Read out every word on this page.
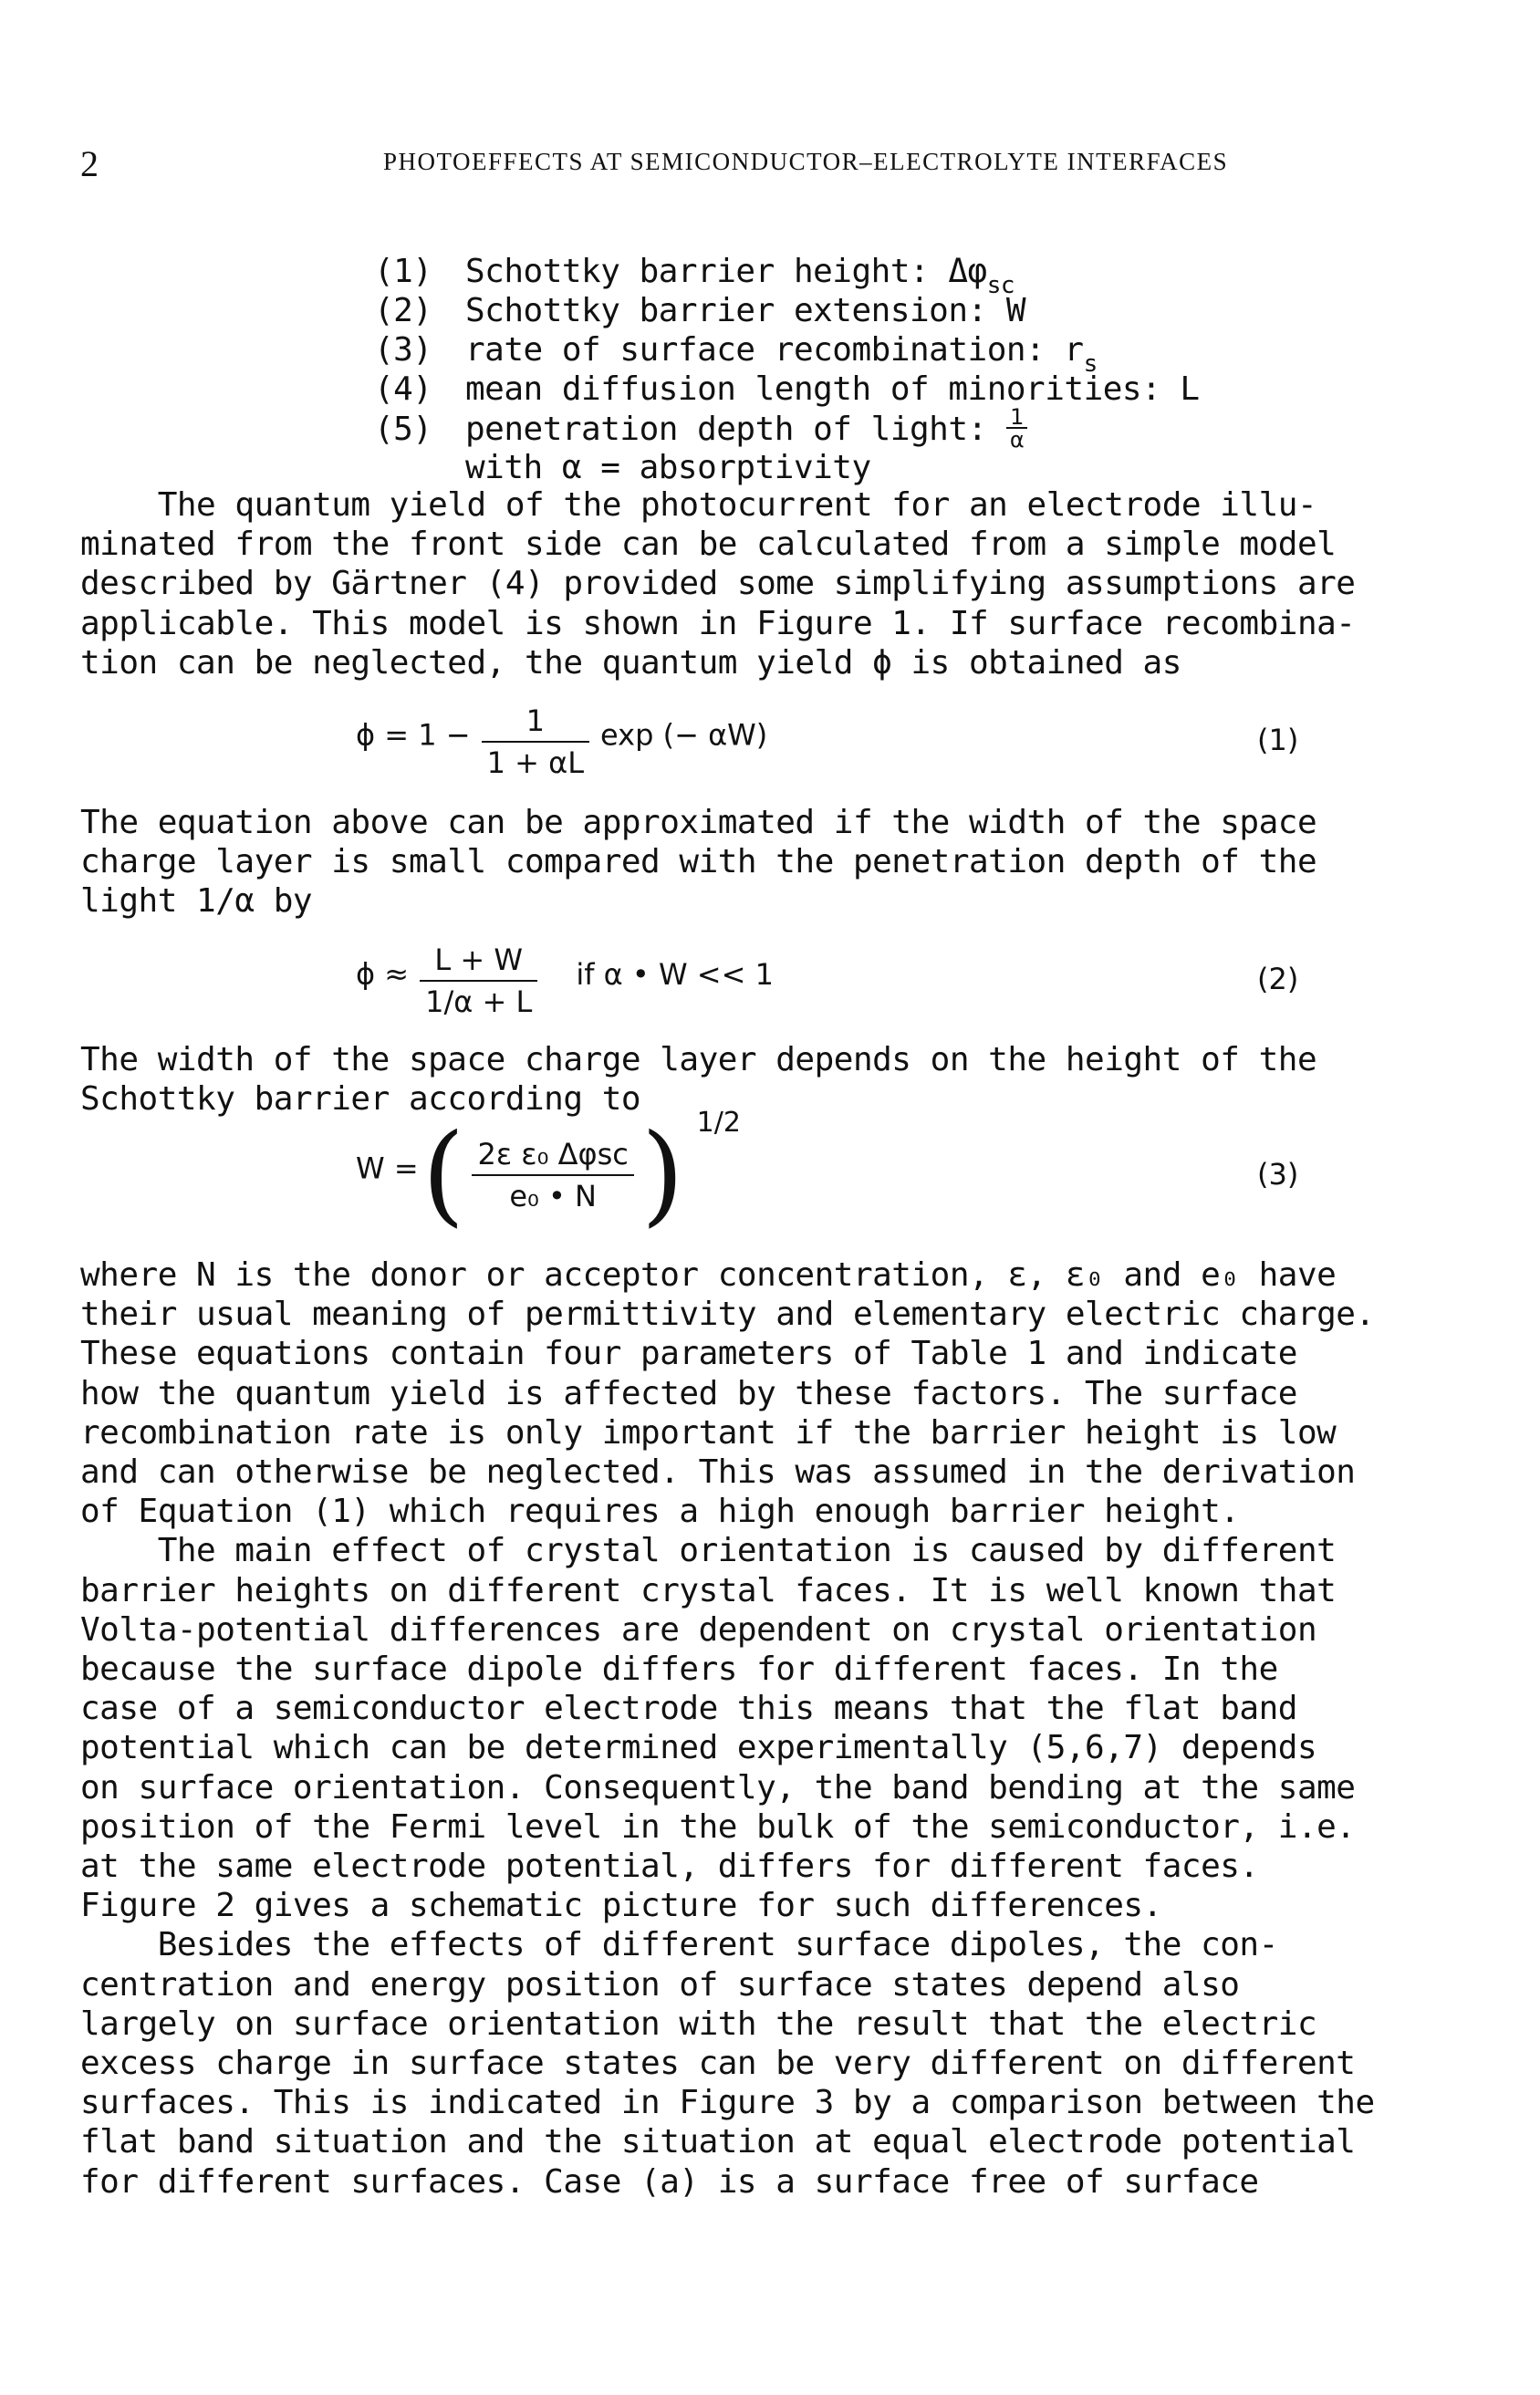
2	PHOTOEFFECTS AT SEMICONDUCTOR–ELECTROLYTE INTERFACES
(1) Schottky barrier height: $\Delta\varphi_{sc}$
(2) Schottky barrier extension: W
(3) rate of surface recombination: $r_s$
(4) mean diffusion length of minorities: L
(5) penetration depth of light: $\frac{1}{\alpha}$
with α = absorptivity
The quantum yield of the photocurrent for an electrode illu-
minated from the front side can be calculated from a simple model
described by Gärtner (4) provided some simplifying assumptions are
applicable. This model is shown in Figure 1. If surface recombina-
tion can be neglected, the quantum yield ϕ is obtained as
$\phi = 1 - \frac{1}{1 + \alpha L}$ exp (− αW)	(1)
The equation above can be approximated if the width of the space
charge layer is small compared with the penetration depth of the
light 1/α by
$\phi \approx \frac{L + W}{1/\alpha + L}$ if α • W << 1	(2)
The width of the space charge layer depends on the height of the
Schottky barrier according to
W = ( $\frac{\text{2ε ε₀ Δφsc}}{\text{e₀ • N}}$ ) 1/2
(3)
where N is the donor or acceptor concentration, ε, ε₀ and e₀ have
their usual meaning of permittivity and elementary electric charge.
These equations contain four parameters of Table 1 and indicate
how the quantum yield is affected by these factors. The surface
recombination rate is only important if the barrier height is low
and can otherwise be neglected. This was assumed in the derivation
of Equation (1) which requires a high enough barrier height.
The main effect of crystal orientation is caused by different
barrier heights on different crystal faces. It is well known that
Volta-potential differences are dependent on crystal orientation
because the surface dipole differs for different faces. In the
case of a semiconductor electrode this means that the flat band
potential which can be determined experimentally (5,6,7) depends
on surface orientation. Consequently, the band bending at the same
position of the Fermi level in the bulk of the semiconductor, i.e.
at the same electrode potential, differs for different faces.
Figure 2 gives a schematic picture for such differences.
Besides the effects of different surface dipoles, the con-
centration and energy position of surface states depend also
largely on surface orientation with the result that the electric
excess charge in surface states can be very different on different
surfaces. This is indicated in Figure 3 by a comparison between the
flat band situation and the situation at equal electrode potential
for different surfaces. Case (a) is a surface free of surface
